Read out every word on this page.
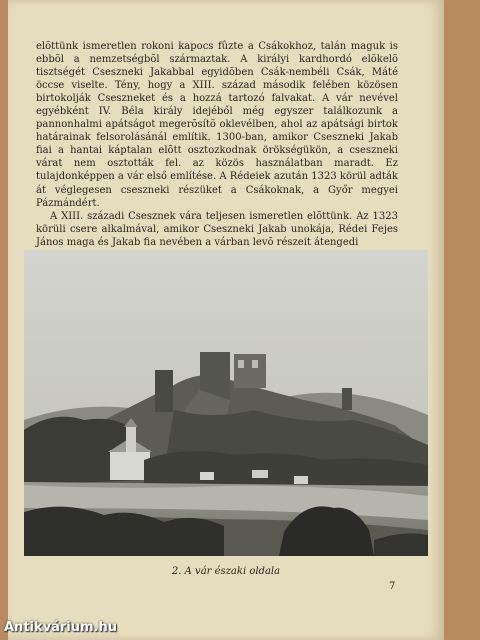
elõttünk ismeretlen rokoni kapocs fûzte a Csákokhoz, talán maguk is ebbõl a nemzetségbõl származtak. A királyi kardhordó elõkelõ tisztségét Csesznеki Jakabbal egyidõben Csák-nembéli Csák, Máté öccse viselte. Tény, hogy a XIII. század második felében közösen birtokolják Csesznеket és a hozzá tartozó falvakat. A vár nevével egyébként IV. Béla király idejéből még egyszer találkozunk a pannonhalmi apátságot megerõsítõ oklevélben, ahol az apátsági birtok határainak felsorolásánál említik. 1300-ban, amikor Csesznеki Jakab fiai a hantai káptalan elõtt osztozkodnak örökségükön, a csesznеki várat nem osztották fel. az közös használatban maradt. Ez tulajdonképpen a vár első említése. A Rédeiek azután 1323 körül adták át véglegesen csesznеki részüket a Csákoknak, a Győr megyei Pázmándért.

A XIII. századi Csesznеk vára teljesen ismeretlen elõttünk. Az 1323 körüli csere alkalmával, amikor Csesznеki Jakab unokája, Rédei Fejes János maga és Jakab fia nevében a várban levõ részeit átengedi

2. A vár északi oldala
7
Antikvárium.hu
